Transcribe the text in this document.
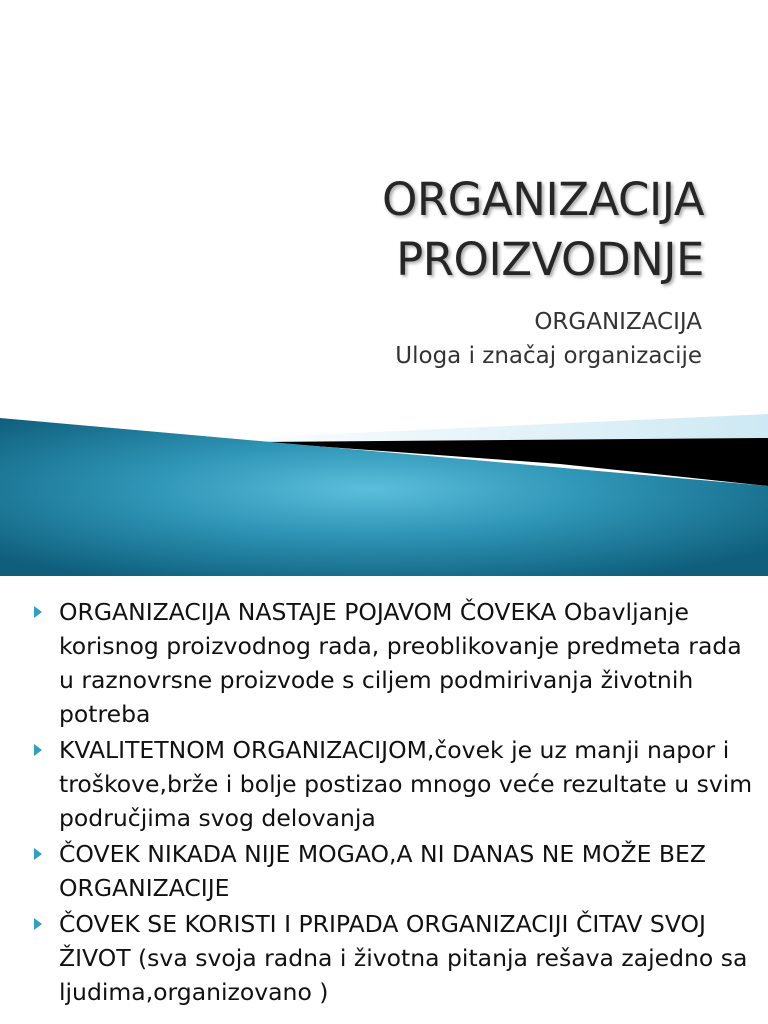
ORGANIZACIJA
PROIZVODNJE
ORGANIZACIJA
Uloga i značaj organizacije
ORGANIZACIJA NASTAJE POJAVOM ČOVEKA Obavljanje korisnog proizvodnog rada, preoblikovanje predmeta rada u raznovrsne proizvode s ciljem podmirivanja životnih potreba
KVALITETNOM ORGANIZACIJOM,čovek je uz manji napor i troškove,brže i bolje postizao mnogo veće rezultate u svim područjima svog delovanja
ČOVEK NIKADA NIJE MOGAO,A NI DANAS NE MOŽE BEZ ORGANIZACIJE
ČOVEK SE KORISTI I PRIPADA ORGANIZACIJI ČITAV SVOJ ŽIVOT (sva svoja radna i životna pitanja rešava zajedno sa ljudima,organizovano )
